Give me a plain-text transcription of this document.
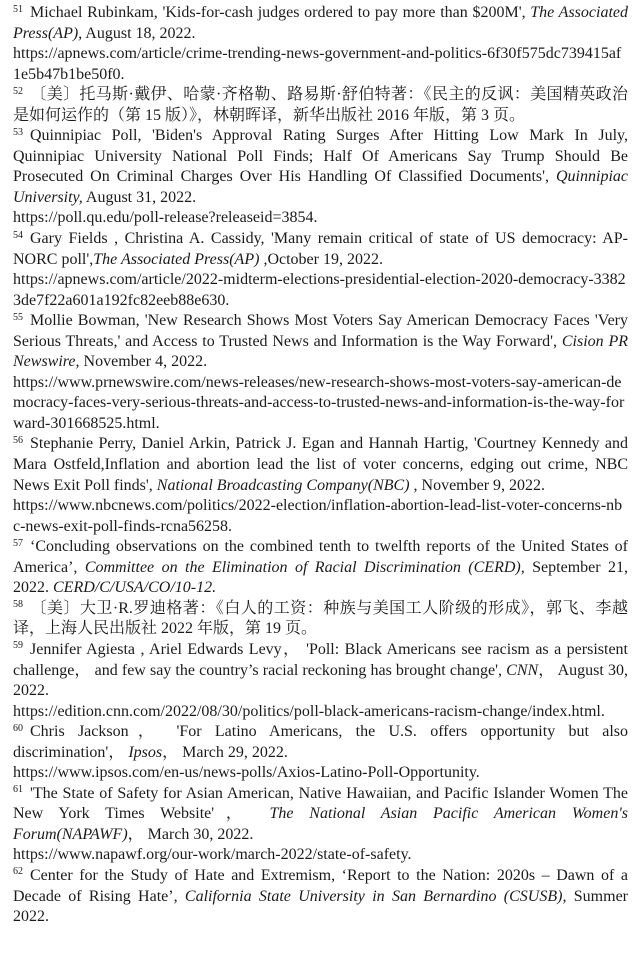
$^{51}$ Michael Rubinkam, 'Kids-for-cash judges ordered to pay more than $200M', The Associated Press(AP), August 18, 2022.

https://apnews.com/article/crime-trending-news-government-and-politics-6f30f575dc739415af1e5b47b1be50f0.

$^{52}$ 〔美〕托马斯·戴伊、哈蒙·齐格勒、路易斯·舒伯特著：《民主的反讽：美国精英政治是如何运作的（第 15 版）》，林朝晖译，新华出版社 2016 年版，第 3 页。

$^{53}$ Quinnipiac Poll, 'Biden's Approval Rating Surges After Hitting Low Mark In July, Quinnipiac University National Poll Finds; Half Of Americans Say Trump Should Be Prosecuted On Criminal Charges Over His Handling Of Classified Documents', Quinnipiac University, August 31, 2022.

https://poll.qu.edu/poll-release?releaseid=3854.

$^{54}$ Gary Fields , Christina A. Cassidy, 'Many remain critical of state of US democracy: AP-NORC poll',The Associated Press(AP) ,October 19, 2022.

https://apnews.com/article/2022-midterm-elections-presidential-election-2020-democracy-33823de7f22a601a192fc82eeb88e630.

$^{55}$ Mollie Bowman, 'New Research Shows Most Voters Say American Democracy Faces 'Very Serious Threats,' and Access to Trusted News and Information is the Way Forward', Cision PR Newswire, November 4, 2022.

https://www.prnewswire.com/news-releases/new-research-shows-most-voters-say-american-democracy-faces-very-serious-threats-and-access-to-trusted-news-and-information-is-the-way-forward-301668525.html.

$^{56}$ Stephanie Perry, Daniel Arkin, Patrick J. Egan and Hannah Hartig, 'Courtney Kennedy and Mara Ostfeld,Inflation and abortion lead the list of voter concerns, edging out crime, NBC News Exit Poll finds', National Broadcasting Company(NBC) , November 9, 2022.

https://www.nbcnews.com/politics/2022-election/inflation-abortion-lead-list-voter-concerns-nbc-news-exit-poll-finds-rcna56258.

$^{57}$ ‘Concluding observations on the combined tenth to twelfth reports of the United States of America’, Committee on the Elimination of Racial Discrimination (CERD), September 21, 2022. CERD/C/USA/CO/10-12.

$^{58}$ 〔美〕大卫·R.罗迪格著：《白人的工资：种族与美国工人阶级的形成》，郭飞、李越译，上海人民出版社 2022 年版，第 19 页。

$^{59}$ Jennifer Agiesta , Ariel Edwards Levy， 'Poll: Black Americans see racism as a persistent challenge， and few say the country’s racial reckoning has brought change', CNN， August 30, 2022.

https://edition.cnn.com/2022/08/30/politics/poll-black-americans-racism-change/index.html.

$^{60}$ Chris Jackson， 'For Latino Americans, the U.S. offers opportunity but also discrimination'， Ipsos， March 29, 2022.

https://www.ipsos.com/en-us/news-polls/Axios-Latino-Poll-Opportunity.

$^{61}$ 'The State of Safety for Asian American, Native Hawaiian, and Pacific Islander Women The New York Times Website'， The National Asian Pacific American Women's Forum(NAPAWF)， March 30, 2022.

https://www.napawf.org/our-work/march-2022/state-of-safety.

$^{62}$ Center for the Study of Hate and Extremism, ‘Report to the Nation: 2020s – Dawn of a Decade of Rising Hate’, California State University in San Bernardino (CSUSB), Summer 2022.
